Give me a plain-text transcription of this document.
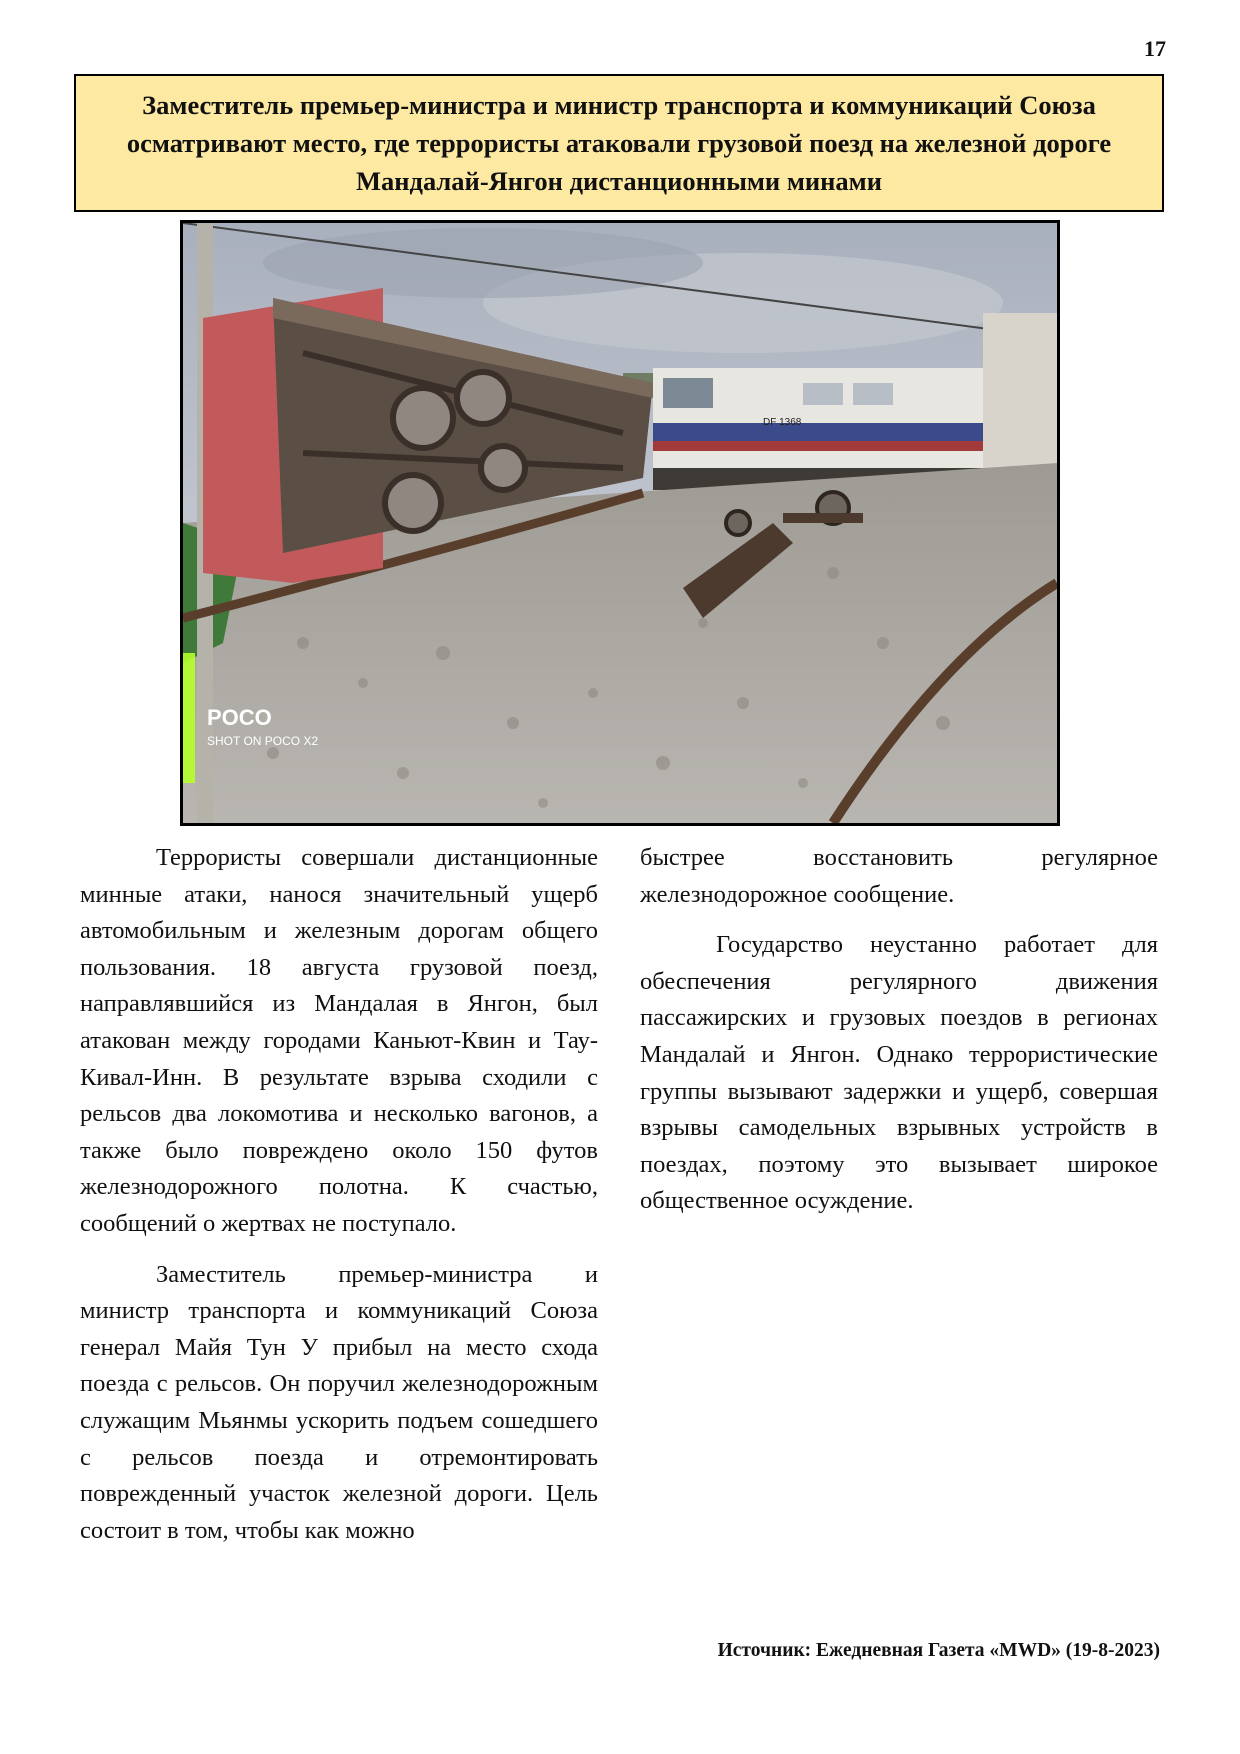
17
Заместитель премьер-министра и министр транспорта и коммуникаций Союза осматривают место, где террористы атаковали грузовой поезд на железной дороге Мандалай-Янгон дистанционными минами
DF 1368
POCO
SHOT ON POCO X2

Террористы совершали дистанционные минные атаки, нанося значительный ущерб автомобильным и железным дорогам общего пользования. 18 августа грузовой поезд, направлявшийся из Мандалая в Янгон, был атакован между городами Каньют-Квин и Тау-Кивал-Инн. В результате взрыва сходили с рельсов два локомотива и несколько вагонов, а также было повреждено около 150 футов железнодорожного полотна. К счастью, сообщений о жертвах не поступало.

Заместитель премьер-министра и министр транспорта и коммуникаций Союза генерал Майя Тун У прибыл на место схода поезда с рельсов. Он поручил железнодорожным служащим Мьянмы ускорить подъем сошедшего с рельсов поезда и отремонтировать поврежденный участок железной дороги. Цель состоит в том, чтобы как можно

быстрее восстановить регулярное железнодорожное сообщение.

Государство неустанно работает для обеспечения регулярного движения пассажирских и грузовых поездов в регионах Мандалай и Янгон. Однако террористические группы вызывают задержки и ущерб, совершая взрывы самодельных взрывных устройств в поездах, поэтому это вызывает широкое общественное осуждение.

Источник: Ежедневная Газета «MWD» (19-8-2023)
